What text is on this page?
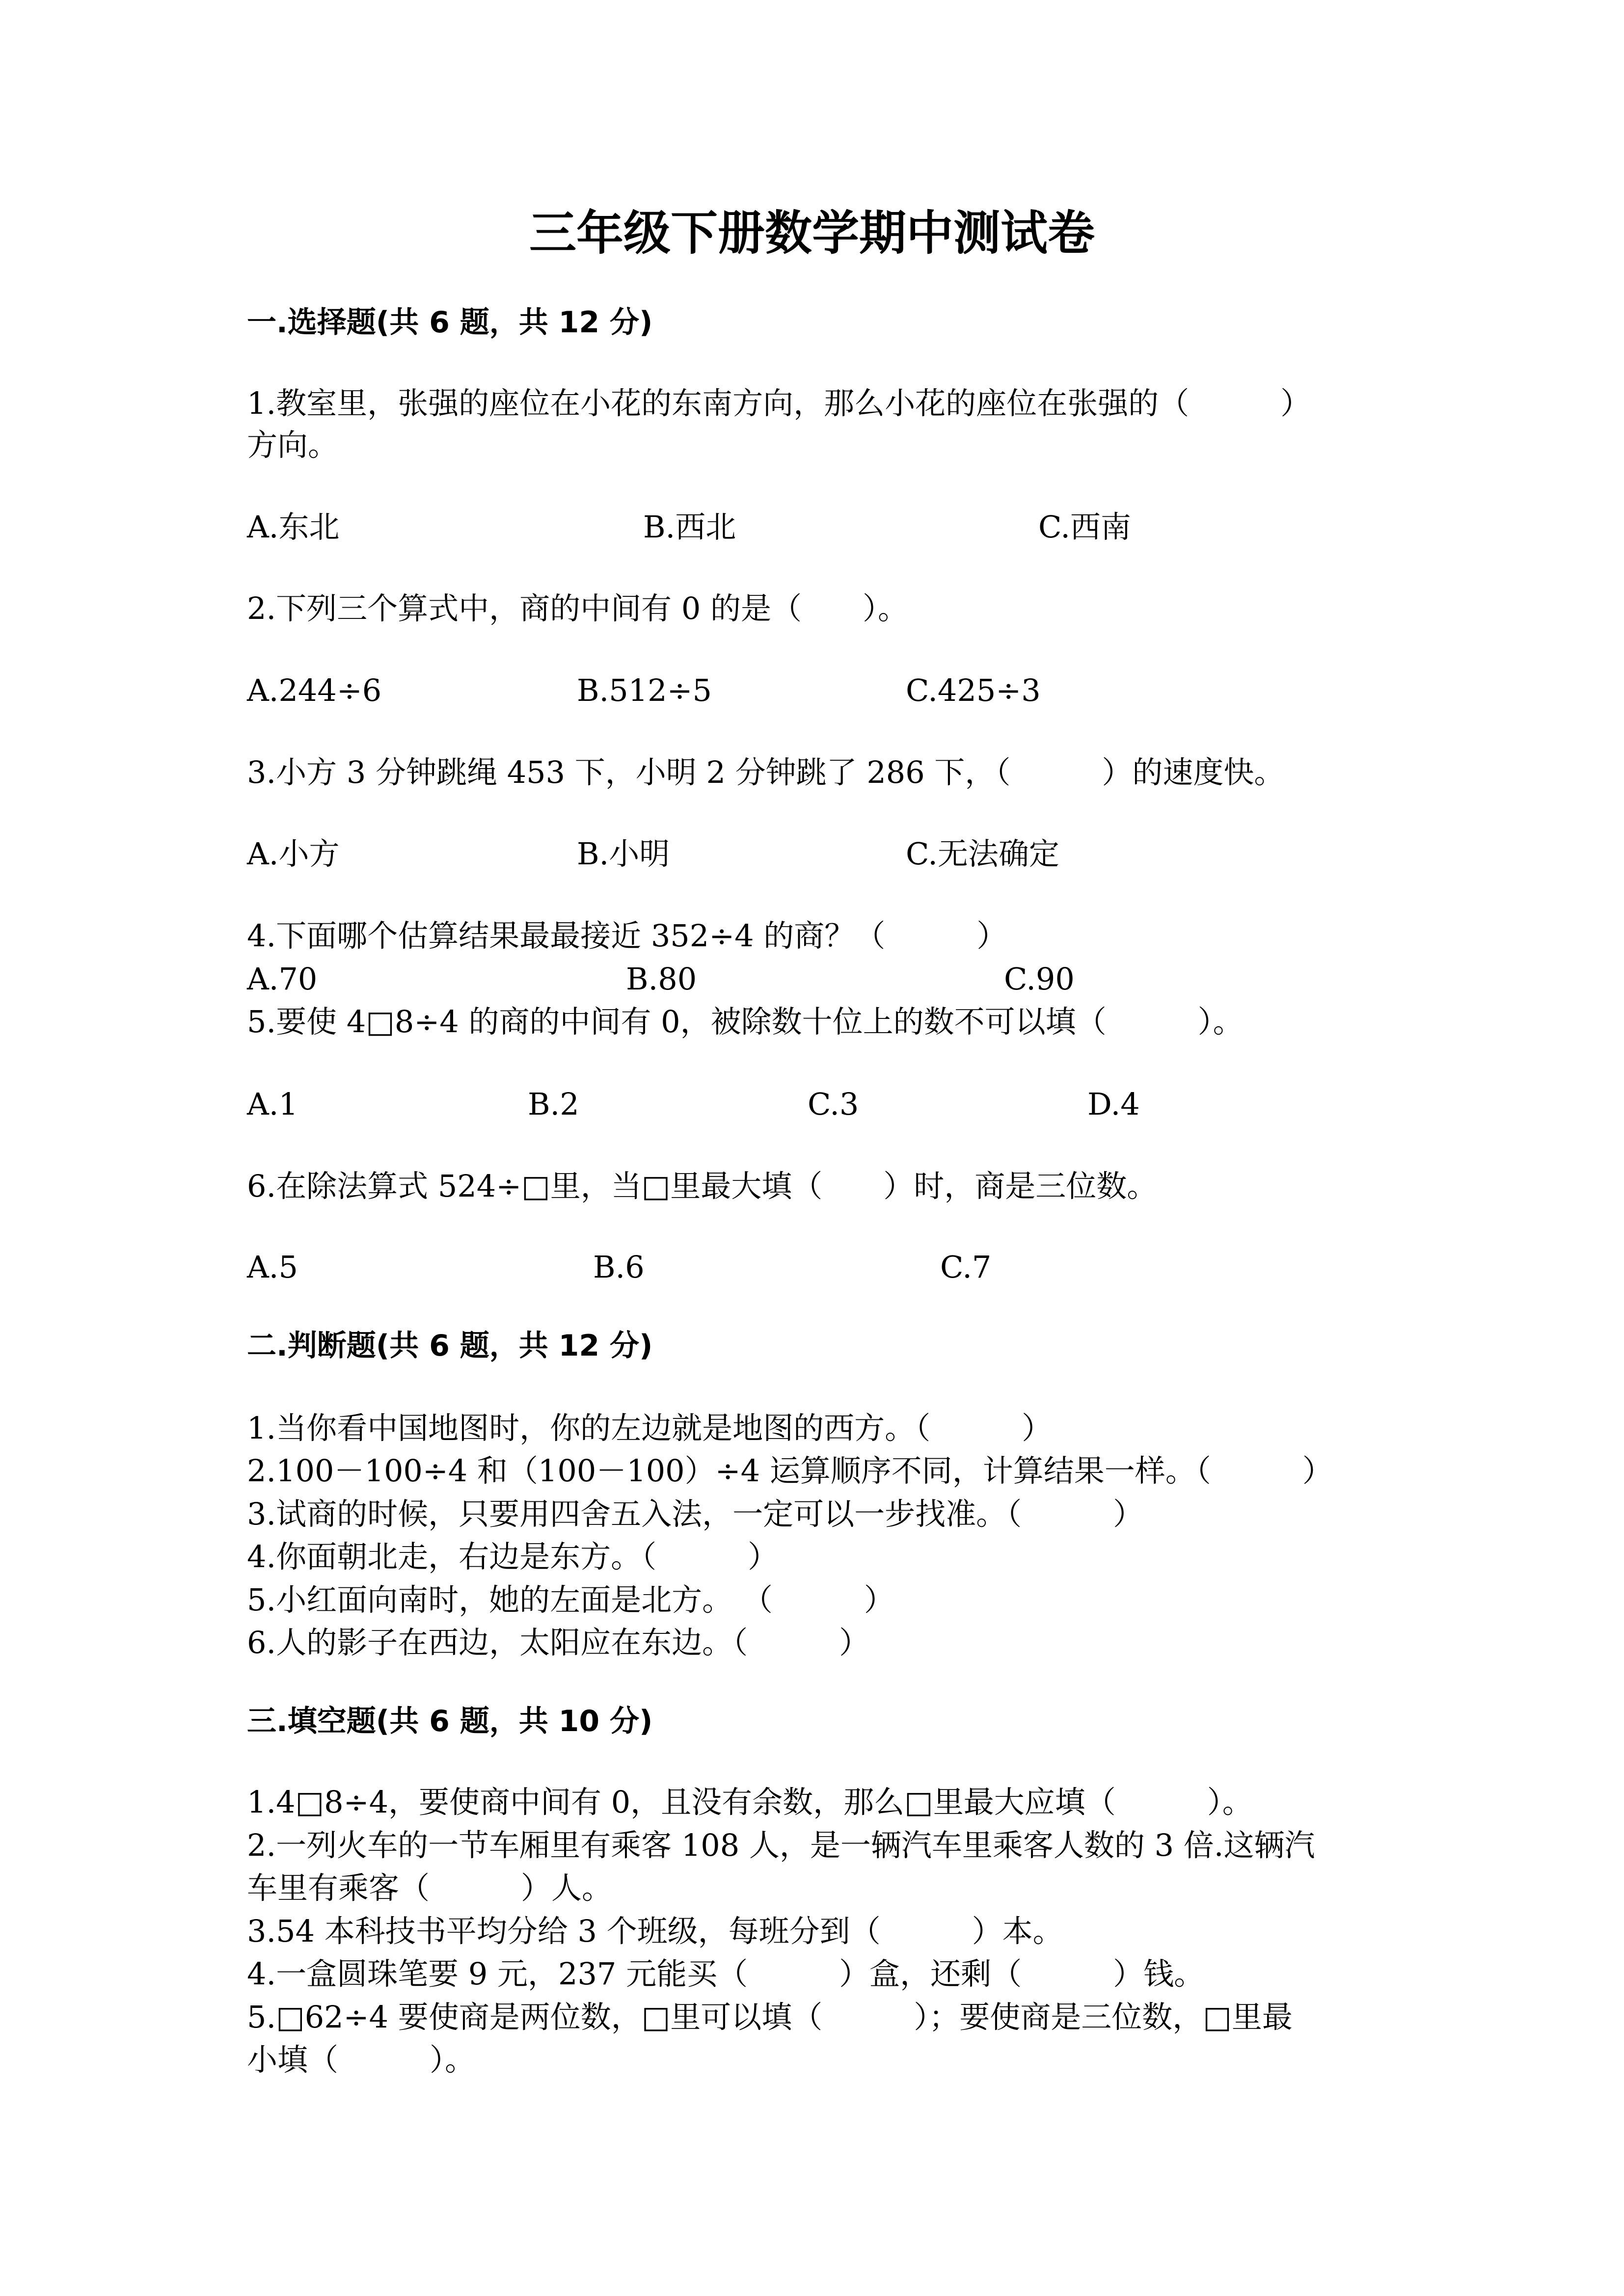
三年级下册数学期中测试卷

一.选择题(共 6 题，共 12 分)

1.教室里，张强的座位在小花的东南方向，那么小花的座位在张强的（　　　）

方向。

A.东北	B.西北	C.西南

2.下列三个算式中，商的中间有 0 的是（　　）。

A.244÷6	B.512÷5	C.425÷3

3.小方 3 分钟跳绳 453 下，小明 2 分钟跳了 286 下，（　　　）的速度快。

A.小方	B.小明	C.无法确定

4.下面哪个估算结果最最接近 352÷4 的商？（　　　）

A.70	B.80	C.90

5.要使 4□8÷4 的商的中间有 0，被除数十位上的数不可以填（　　　）。

A.1	B.2	C.3	D.4

6.在除法算式 524÷□里，当□里最大填（　　）时，商是三位数。

A.5	B.6	C.7

二.判断题(共 6 题，共 12 分)

1.当你看中国地图时，你的左边就是地图的西方。（　　　）

2.100－100÷4 和（100－100）÷4 运算顺序不同，计算结果一样。（　　　）

3.试商的时候，只要用四舍五入法，一定可以一步找准。（　　　）

4.你面朝北走，右边是东方。（　　　）

5.小红面向南时，她的左面是北方。 （　　　）

6.人的影子在西边，太阳应在东边。（　　　）

三.填空题(共 6 题，共 10 分)

1.4□8÷4，要使商中间有 0，且没有余数，那么□里最大应填（　　　）。

2.一列火车的一节车厢里有乘客 108 人，是一辆汽车里乘客人数的 3 倍.这辆汽

车里有乘客（　　　）人。

3.54 本科技书平均分给 3 个班级，每班分到（　　　）本。

4.一盒圆珠笔要 9 元，237 元能买（　　　）盒，还剩（　　　）钱。

5.□62÷4 要使商是两位数，□里可以填（　　　）；要使商是三位数，□里最

小填（　　　）。
